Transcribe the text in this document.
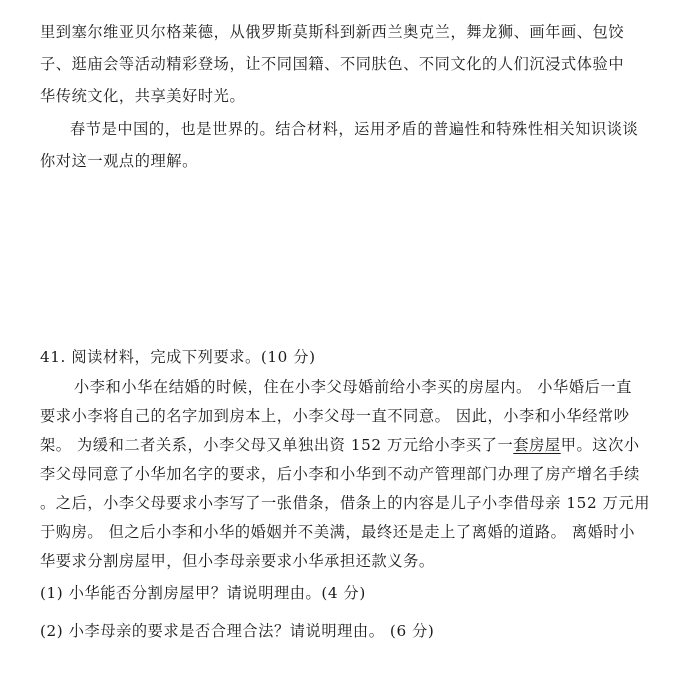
里到塞尔维亚贝尔格莱德，从俄罗斯莫斯科到新西兰奥克兰，舞龙狮、画年画、包饺
子、逛庙会等活动精彩登场，让不同国籍、不同肤色、不同文化的人们沉浸式体验中
华传统文化，共享美好时光。
春节是中国的，也是世界的。结合材料，运用矛盾的普遍性和特殊性相关知识谈谈
你对这一观点的理解。
41. 阅读材料，完成下列要求。(10 分)
小李和小华在结婚的时候，住在小李父母婚前给小李买的房屋内。 小华婚后一直
要求小李将自己的名字加到房本上，小李父母一直不同意。 因此，小李和小华经常吵
架。 为缓和二者关系，小李父母又单独出资 152 万元给小李买了一套房屋甲。这次小
李父母同意了小华加名字的要求，后小李和小华到不动产管理部门办理了房产增名手续
。之后，小李父母要求小李写了一张借条，借条上的内容是儿子小李借母亲 152 万元用
于购房。 但之后小李和小华的婚姻并不美满，最终还是走上了离婚的道路。 离婚时小
华要求分割房屋甲，但小李母亲要求小华承担还款义务。
(1) 小华能否分割房屋甲？请说明理由。(4 分)
(2) 小李母亲的要求是否合理合法？请说明理由。 (6 分)
